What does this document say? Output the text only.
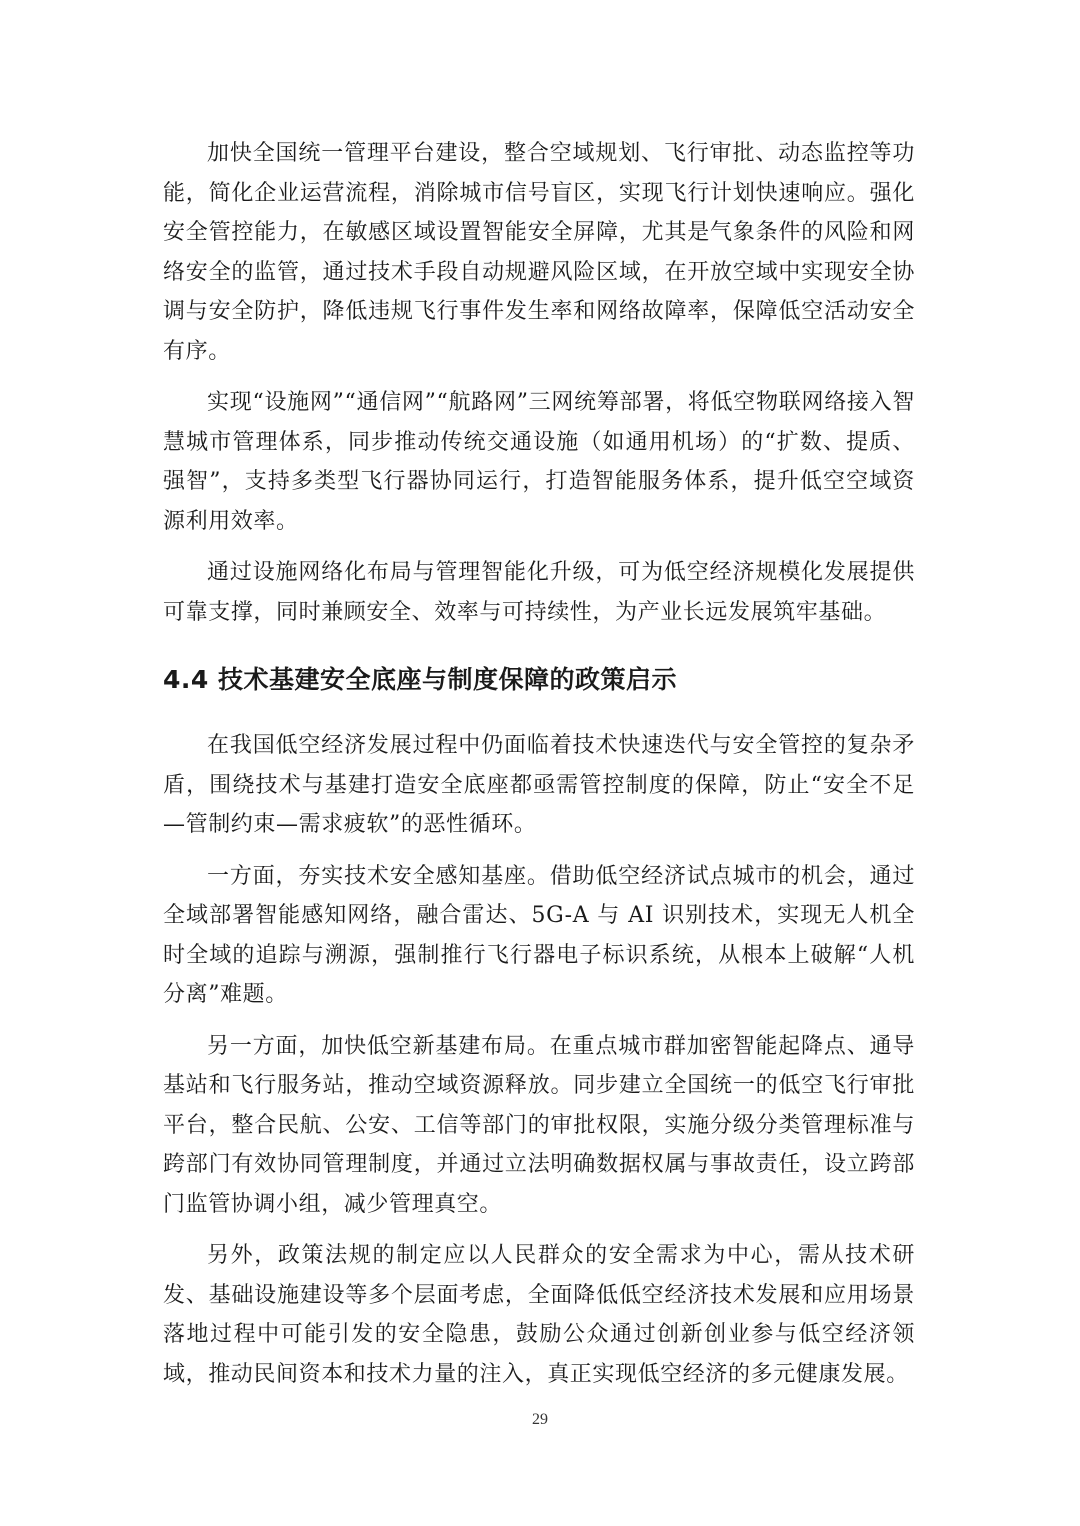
加快全国统一管理平台建设，整合空域规划、飞行审批、动态监控等功能，简化企业运营流程，消除城市信号盲区，实现飞行计划快速响应。强化安全管控能力，在敏感区域设置智能安全屏障，尤其是气象条件的风险和网络安全的监管，通过技术手段自动规避风险区域，在开放空域中实现安全协调与安全防护，降低违规飞行事件发生率和网络故障率，保障低空活动安全有序。

实现“设施网”“通信网”“航路网”三网统筹部署，将低空物联网络接入智慧城市管理体系，同步推动传统交通设施（如通用机场）的“扩数、提质、强智”，支持多类型飞行器协同运行，打造智能服务体系，提升低空空域资源利用效率。

通过设施网络化布局与管理智能化升级，可为低空经济规模化发展提供可靠支撑，同时兼顾安全、效率与可持续性，为产业长远发展筑牢基础。

4.4 技术基建安全底座与制度保障的政策启示

在我国低空经济发展过程中仍面临着技术快速迭代与安全管控的复杂矛盾，围绕技术与基建打造安全底座都亟需管控制度的保障，防止“安全不足—管制约束—需求疲软”的恶性循环。

一方面，夯实技术安全感知基座。借助低空经济试点城市的机会，通过全域部署智能感知网络，融合雷达、5G-A 与 AI 识别技术，实现无人机全时全域的追踪与溯源，强制推行飞行器电子标识系统，从根本上破解“人机分离”难题。

另一方面，加快低空新基建布局。在重点城市群加密智能起降点、通导基站和飞行服务站，推动空域资源释放。同步建立全国统一的低空飞行审批平台，整合民航、公安、工信等部门的审批权限，实施分级分类管理标准与跨部门有效协同管理制度，并通过立法明确数据权属与事故责任，设立跨部门监管协调小组，减少管理真空。

另外，政策法规的制定应以人民群众的安全需求为中心，需从技术研发、基础设施建设等多个层面考虑，全面降低低空经济技术发展和应用场景落地过程中可能引发的安全隐患，鼓励公众通过创新创业参与低空经济领域，推动民间资本和技术力量的注入，真正实现低空经济的多元健康发展。

29
